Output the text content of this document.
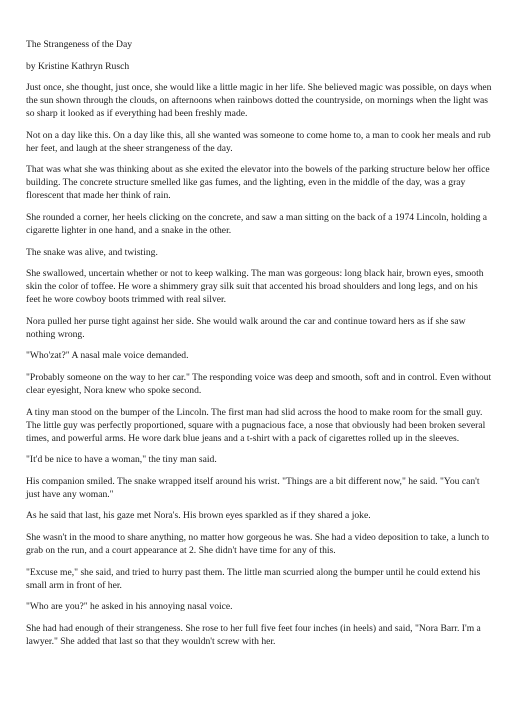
The Strangeness of the Day

by Kristine Kathryn Rusch

Just once, she thought, just once, she would like a little magic in her life. She believed magic was possible, on days when the sun shown through the clouds, on afternoons when rainbows dotted the countryside, on mornings when the light was so sharp it looked as if everything had been freshly made.

Not on a day like this. On a day like this, all she wanted was someone to come home to, a man to cook her meals and rub her feet, and laugh at the sheer strangeness of the day.

That was what she was thinking about as she exited the elevator into the bowels of the parking structure below her office building. The concrete structure smelled like gas fumes, and the lighting, even in the middle of the day, was a gray florescent that made her think of rain.

She rounded a corner, her heels clicking on the concrete, and saw a man sitting on the back of a 1974 Lincoln, holding a cigarette lighter in one hand, and a snake in the other.

The snake was alive, and twisting.

She swallowed, uncertain whether or not to keep walking. The man was gorgeous: long black hair, brown eyes, smooth skin the color of toffee. He wore a shimmery gray silk suit that accented his broad shoulders and long legs, and on his feet he wore cowboy boots trimmed with real silver.

Nora pulled her purse tight against her side. She would walk around the car and continue toward hers as if she saw nothing wrong.

"Who'zat?" A nasal male voice demanded.

"Probably someone on the way to her car." The responding voice was deep and smooth, soft and in control. Even without clear eyesight, Nora knew who spoke second.

A tiny man stood on the bumper of the Lincoln. The first man had slid across the hood to make room for the small guy. The little guy was perfectly proportioned, square with a pugnacious face, a nose that obviously had been broken several times, and powerful arms. He wore dark blue jeans and a t-shirt with a pack of cigarettes rolled up in the sleeves.

"It'd be nice to have a woman," the tiny man said.

His companion smiled. The snake wrapped itself around his wrist. "Things are a bit different now," he said. "You can't just have any woman."

As he said that last, his gaze met Nora's. His brown eyes sparkled as if they shared a joke.

She wasn't in the mood to share anything, no matter how gorgeous he was. She had a video deposition to take, a lunch to grab on the run, and a court appearance at 2. She didn't have time for any of this.

"Excuse me," she said, and tried to hurry past them. The little man scurried along the bumper until he could extend his small arm in front of her.

"Who are you?" he asked in his annoying nasal voice.

She had had enough of their strangeness. She rose to her full five feet four inches (in heels) and said, "Nora Barr. I'm a lawyer." She added that last so that they wouldn't screw with her.
